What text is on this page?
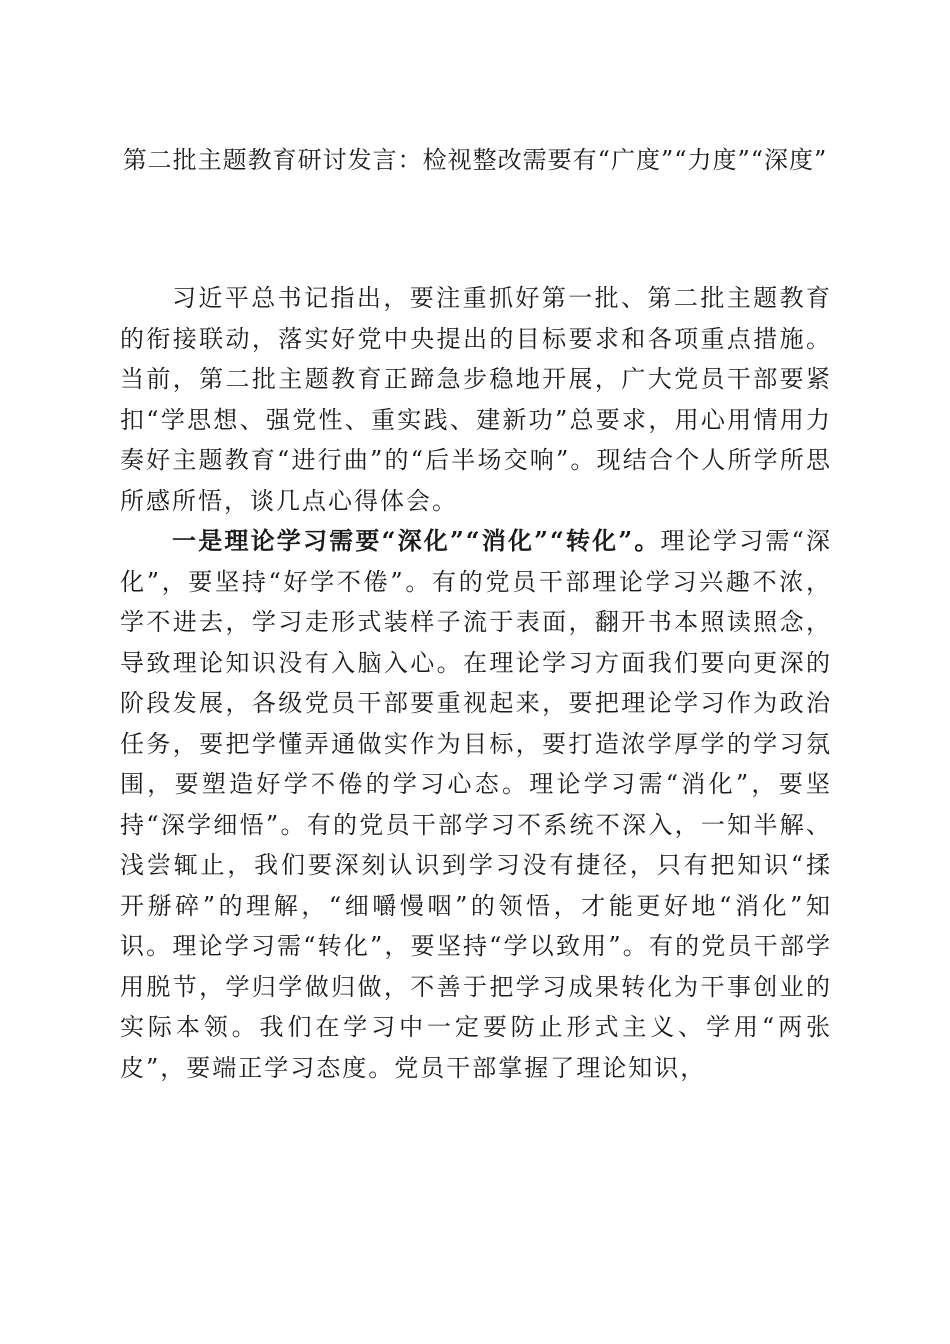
第二批主题教育研讨发言：检视整改需要有“广度”“力度”“深度”

习近平总书记指出，要注重抓好第一批、第二批主题教育的衔接联动，落实好党中央提出的目标要求和各项重点措施。当前，第二批主题教育正蹄急步稳地开展，广大党员干部要紧扣“学思想、强党性、重实践、建新功”总要求，用心用情用力奏好主题教育“进行曲”的“后半场交响”。现结合个人所学所思所感所悟，谈几点心得体会。

一是理论学习需要“深化”“消化”“转化”。理论学习需“深化”，要坚持“好学不倦”。有的党员干部理论学习兴趣不浓，学不进去，学习走形式装样子流于表面，翻开书本照读照念，导致理论知识没有入脑入心。在理论学习方面我们要向更深的阶段发展，各级党员干部要重视起来，要把理论学习作为政治任务，要把学懂弄通做实作为目标，要打造浓学厚学的学习氛围，要塑造好学不倦的学习心态。理论学习需“消化”，要坚持“深学细悟”。有的党员干部学习不系统不深入，一知半解、浅尝辄止，我们要深刻认识到学习没有捷径，只有把知识“揉开掰碎”的理解，“细嚼慢咽”的领悟，才能更好地“消化”知识。理论学习需“转化”，要坚持“学以致用”。有的党员干部学用脱节，学归学做归做，不善于把学习成果转化为干事创业的实际本领。我们在学习中一定要防止形式主义、学用“两张皮”，要端正学习态度。党员干部掌握了理论知识，
